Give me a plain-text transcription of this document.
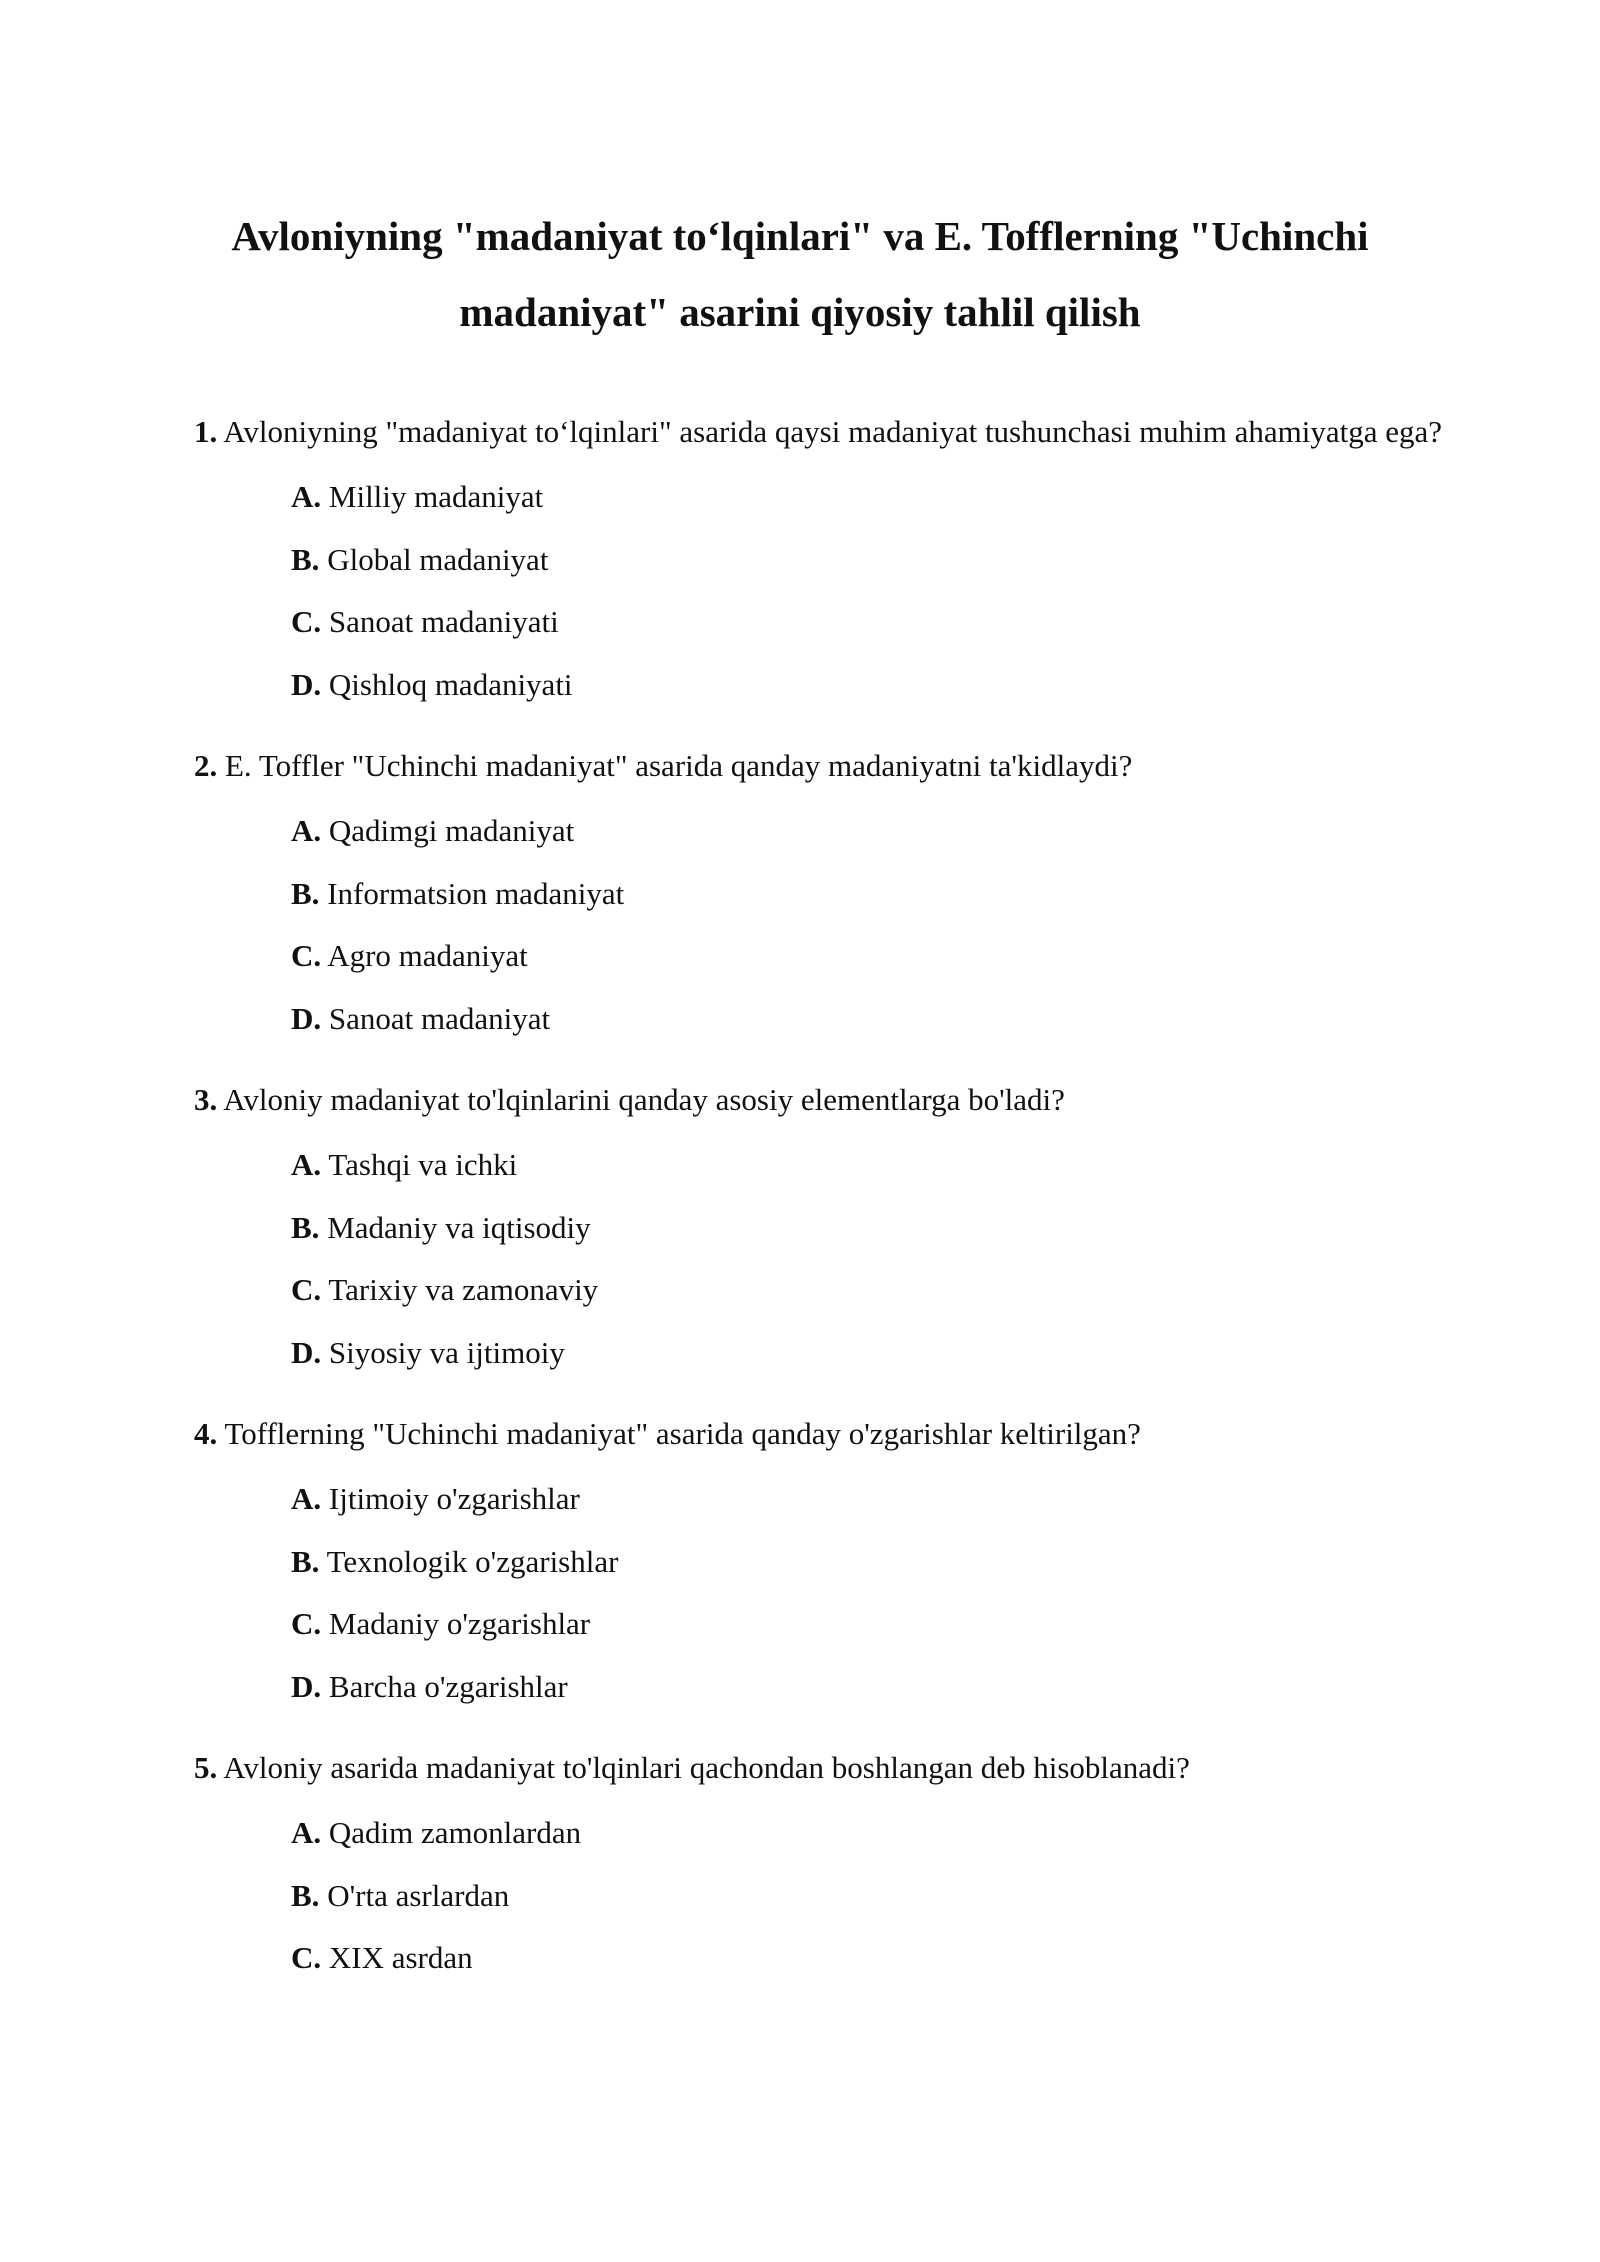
Avloniyning "madaniyat to‘lqinlari" va E. Tofflerning "Uchinchi
madaniyat" asarini qiyosiy tahlil qilish

1. Avloniyning "madaniyat to‘lqinlari" asarida qaysi madaniyat tushunchasi muhim ahamiyatga ega?

A. Milliy madaniyat
B. Global madaniyat
C. Sanoat madaniyati
D. Qishloq madaniyati

2. E. Toffler "Uchinchi madaniyat" asarida qanday madaniyatni ta'kidlaydi?

A. Qadimgi madaniyat
B. Informatsion madaniyat
C. Agro madaniyat
D. Sanoat madaniyat

3. Avloniy madaniyat to'lqinlarini qanday asosiy elementlarga bo'ladi?

A. Tashqi va ichki
B. Madaniy va iqtisodiy
C. Tarixiy va zamonaviy
D. Siyosiy va ijtimoiy

4. Tofflerning "Uchinchi madaniyat" asarida qanday o'zgarishlar keltirilgan?

A. Ijtimoiy o'zgarishlar
B. Texnologik o'zgarishlar
C. Madaniy o'zgarishlar
D. Barcha o'zgarishlar

5. Avloniy asarida madaniyat to'lqinlari qachondan boshlangan deb hisoblanadi?

A. Qadim zamonlardan
B. O'rta asrlardan
C. XIX asrdan
